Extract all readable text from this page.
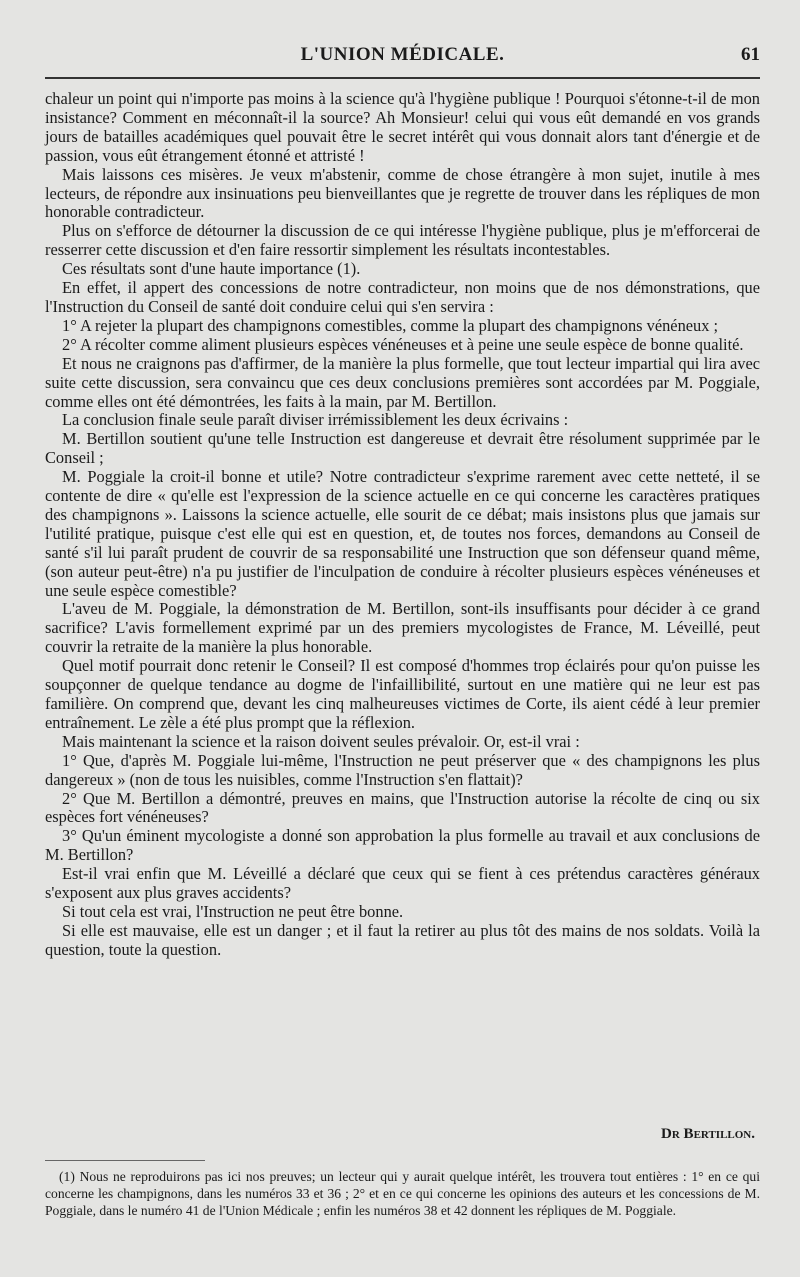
L'UNION MÉDICALE.	61

chaleur un point qui n'importe pas moins à la science qu'à l'hygiène publique ! Pourquoi s'étonne-t-il de mon insistance? Comment en méconnaît-il la source? Ah Monsieur! celui qui vous eût demandé en vos grands jours de batailles académiques quel pouvait être le secret intérêt qui vous donnait alors tant d'énergie et de passion, vous eût étrangement étonné et attristé !

Mais laissons ces misères. Je veux m'abstenir, comme de chose étrangère à mon sujet, inutile à mes lecteurs, de répondre aux insinuations peu bienveillantes que je regrette de trouver dans les répliques de mon honorable contradicteur.

Plus on s'efforce de détourner la discussion de ce qui intéresse l'hygiène publique, plus je m'efforcerai de resserrer cette discussion et d'en faire ressortir simplement les résultats incontestables.

Ces résultats sont d'une haute importance (1).

En effet, il appert des concessions de notre contradicteur, non moins que de nos démonstrations, que l'Instruction du Conseil de santé doit conduire celui qui s'en servira :

1° A rejeter la plupart des champignons comestibles, comme la plupart des champignons vénéneux ;

2° A récolter comme aliment plusieurs espèces vénéneuses et à peine une seule espèce de bonne qualité.

Et nous ne craignons pas d'affirmer, de la manière la plus formelle, que tout lecteur impartial qui lira avec suite cette discussion, sera convaincu que ces deux conclusions premières sont accordées par M. Poggiale, comme elles ont été démontrées, les faits à la main, par M. Bertillon.

La conclusion finale seule paraît diviser irrémissiblement les deux écrivains :

M. Bertillon soutient qu'une telle Instruction est dangereuse et devrait être résolument supprimée par le Conseil ;

M. Poggiale la croit-il bonne et utile? Notre contradicteur s'exprime rarement avec cette netteté, il se contente de dire « qu'elle est l'expression de la science actuelle en ce qui concerne les caractères pratiques des champignons ». Laissons la science actuelle, elle sourit de ce débat; mais insistons plus que jamais sur l'utilité pratique, puisque c'est elle qui est en question, et, de toutes nos forces, demandons au Conseil de santé s'il lui paraît prudent de couvrir de sa responsabilité une Instruction que son défenseur quand même, (son auteur peut-être) n'a pu justifier de l'inculpation de conduire à récolter plusieurs espèces vénéneuses et une seule espèce comestible?

L'aveu de M. Poggiale, la démonstration de M. Bertillon, sont-ils insuffisants pour décider à ce grand sacrifice? L'avis formellement exprimé par un des premiers mycologistes de France, M. Léveillé, peut couvrir la retraite de la manière la plus honorable.

Quel motif pourrait donc retenir le Conseil? Il est composé d'hommes trop éclairés pour qu'on puisse les soupçonner de quelque tendance au dogme de l'infaillibilité, surtout en une matière qui ne leur est pas familière. On comprend que, devant les cinq malheureuses victimes de Corte, ils aient cédé à leur premier entraînement. Le zèle a été plus prompt que la réflexion.

Mais maintenant la science et la raison doivent seules prévaloir. Or, est-il vrai :

1° Que, d'après M. Poggiale lui-même, l'Instruction ne peut préserver que « des champignons les plus dangereux » (non de tous les nuisibles, comme l'Instruction s'en flattait)?

2° Que M. Bertillon a démontré, preuves en mains, que l'Instruction autorise la récolte de cinq ou six espèces fort vénéneuses?

3° Qu'un éminent mycologiste a donné son approbation la plus formelle au travail et aux conclusions de M. Bertillon?

Est-il vrai enfin que M. Léveillé a déclaré que ceux qui se fient à ces prétendus caractères généraux s'exposent aux plus graves accidents?

Si tout cela est vrai, l'Instruction ne peut être bonne.

Si elle est mauvaise, elle est un danger ; et il faut la retirer au plus tôt des mains de nos soldats. Voilà la question, toute la question.

Dr Bertillon.

(1) Nous ne reproduirons pas ici nos preuves; un lecteur qui y aurait quelque intérêt, les trouvera tout entières : 1° en ce qui concerne les champignons, dans les numéros 33 et 36 ; 2° et en ce qui concerne les opinions des auteurs et les concessions de M. Poggiale, dans le numéro 41 de l'Union Médicale ; enfin les numéros 38 et 42 donnent les répliques de M. Poggiale.
